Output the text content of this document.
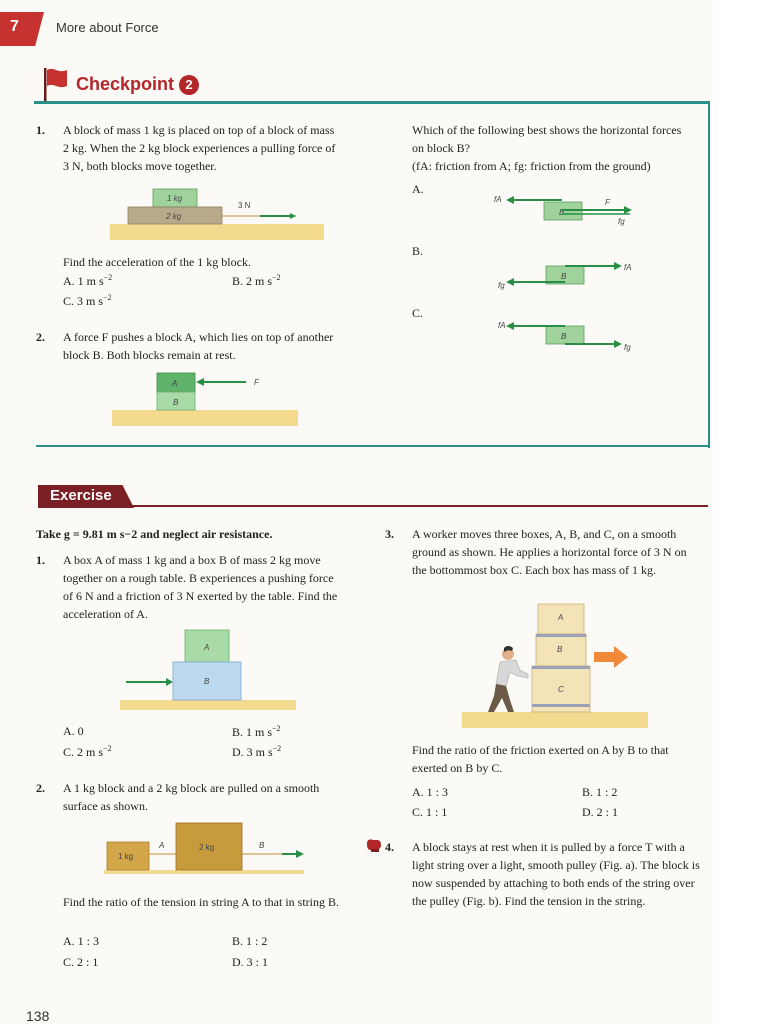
7	More about Force
Checkpoint 2
1. A block of mass 1 kg is placed on top of a block of mass 2 kg. When the 2 kg block experiences a pulling force of 3 N, both blocks move together.
1 kg
2 kg
3 N
Find the acceleration of the 1 kg block.
A. 1 m $s^{-2}$	B. 2 m $s^{-2}$
C. 3 m $s^{-2}$
2. A force F pushes a block A, which lies on top of another block B. Both blocks remain at rest.
A
B
F
Which of the following best shows the horizontal forces on block B?
(fA: friction from A; fg: friction from the ground)
A.
B
fA	F
fg
B.
B
fA
fg
C.
B
fA
fg
Exercise
Take g = 9.81 m s−2 and neglect air resistance.
1. A box A of mass 1 kg and a box B of mass 2 kg move together on a rough table. B experiences a pushing force of 6 N and a friction of 3 N exerted by the table. Find the acceleration of A.
A
B
A. 0	B. 1 m $s^{-2}$
C. 2 m $s^{-2}$	D. 3 m $s^{-2}$
2. A 1 kg block and a 2 kg block are pulled on a smooth surface as shown.
1 kg
2 kg
A	B
Find the ratio of the tension in string A to that in string B.
A. 1 : 3	B. 1 : 2
C. 2 : 1	D. 3 : 1
3. A worker moves three boxes, A, B, and C, on a smooth ground as shown. He applies a horizontal force of 3 N on the bottommost box C. Each box has mass of 1 kg.
A
B
C
Find the ratio of the friction exerted on A by B to that exerted on B by C.
A. 1 : 3	B. 1 : 2
C. 1 : 1	D. 2 : 1
4. A block stays at rest when it is pulled by a force T with a light string over a light, smooth pulley (Fig. a). The block is now suspended by attaching to both ends of the string over the pulley (Fig. b). Find the tension in the string.
138
